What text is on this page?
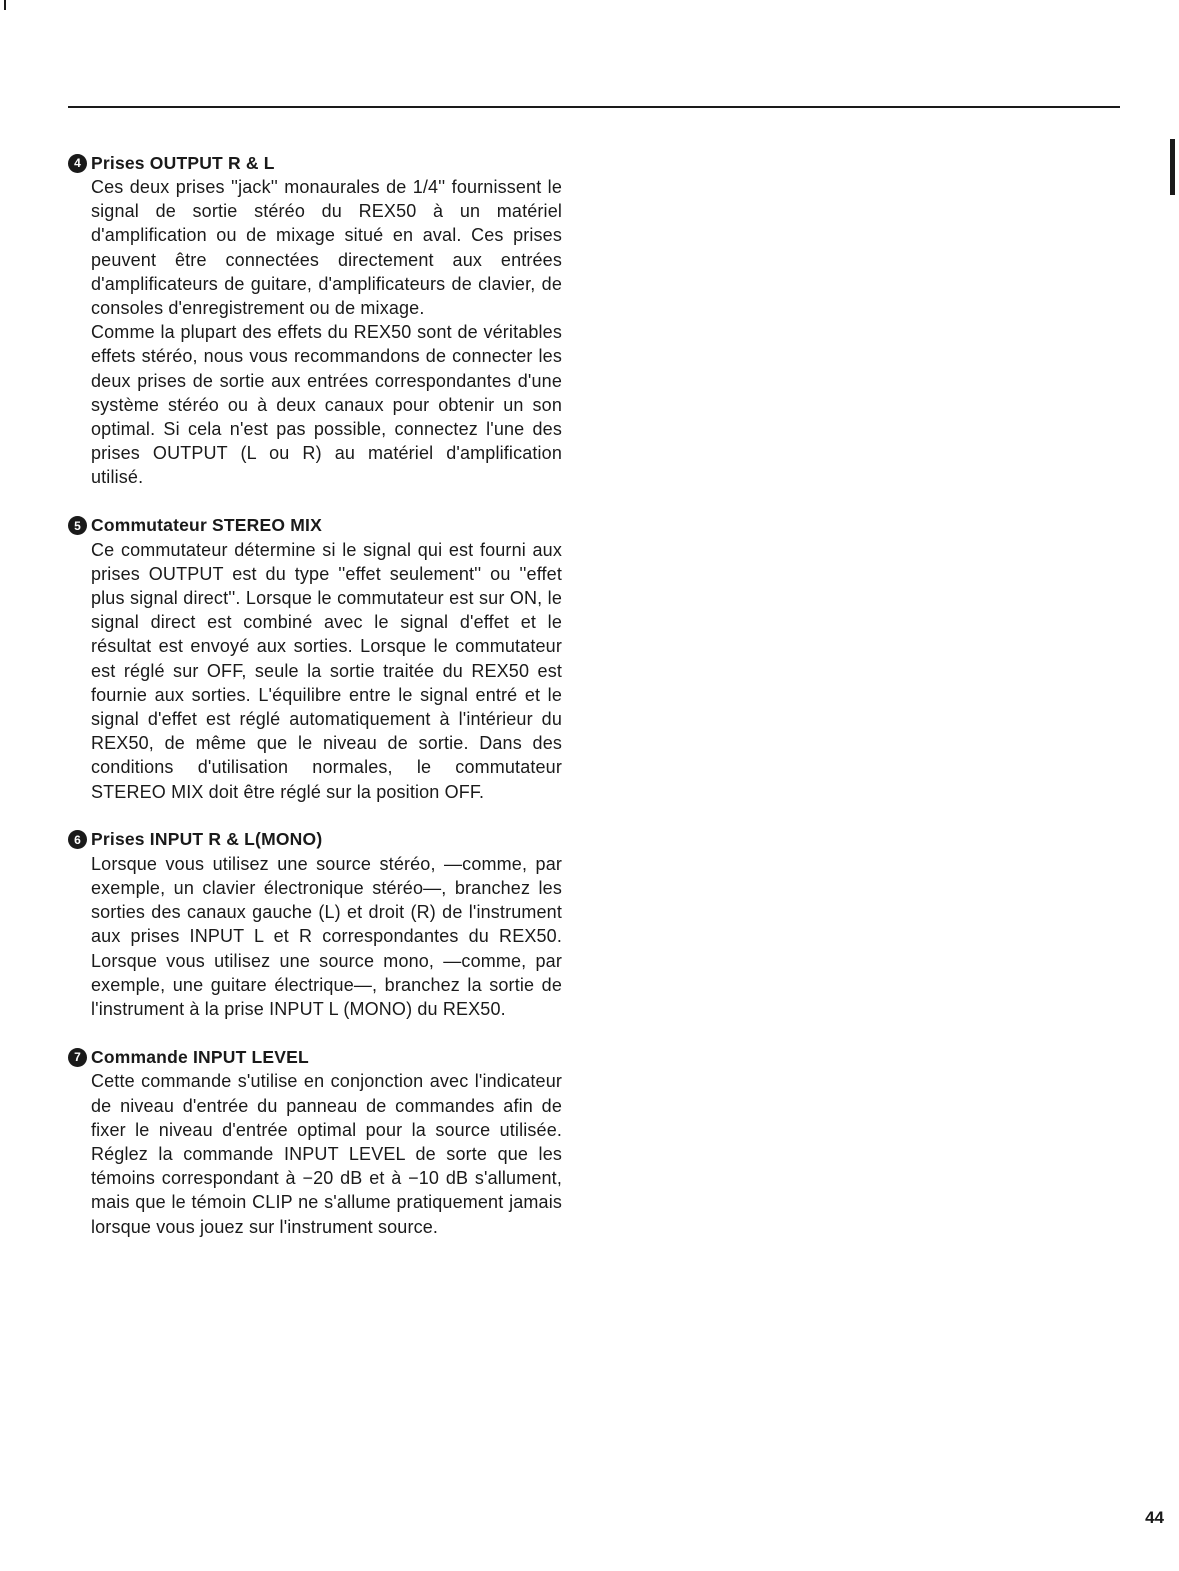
4 Prises OUTPUT R & L

Ces deux prises ''jack'' monaurales de 1/4'' fournissent le signal de sortie stéréo du REX50 à un matériel d'amplification ou de mixage situé en aval. Ces prises peuvent être connectées directement aux entrées d'amplificateurs de guitare, d'amplificateurs de clavier, de consoles d'enregistrement ou de mixage.

Comme la plupart des effets du REX50 sont de véritables effets stéréo, nous vous recommandons de connecter les deux prises de sortie aux entrées correspondantes d'une système stéréo ou à deux canaux pour obtenir un son optimal. Si cela n'est pas possible, connectez l'une des prises OUTPUT (L ou R) au matériel d'amplification utilisé.

5 Commutateur STEREO MIX

Ce commutateur détermine si le signal qui est fourni aux prises OUTPUT est du type ''effet seulement'' ou ''effet plus signal direct''. Lorsque le commutateur est sur ON, le signal direct est combiné avec le signal d'effet et le résultat est envoyé aux sorties. Lorsque le commutateur est réglé sur OFF, seule la sortie traitée du REX50 est fournie aux sorties. L'équilibre entre le signal entré et le signal d'effet est réglé automatiquement à l'intérieur du REX50, de même que le niveau de sortie. Dans des conditions d'utilisation normales, le commutateur STEREO MIX doit être réglé sur la position OFF.

6 Prises INPUT R & L(MONO)

Lorsque vous utilisez une source stéréo, —comme, par exemple, un clavier électronique stéréo—, branchez les sorties des canaux gauche (L) et droit (R) de l'instrument aux prises INPUT L et R correspondantes du REX50. Lorsque vous utilisez une source mono, —comme, par exemple, une guitare électrique—, branchez la sortie de l'instrument à la prise INPUT L (MONO) du REX50.

7 Commande INPUT LEVEL

Cette commande s'utilise en conjonction avec l'indicateur de niveau d'entrée du panneau de commandes afin de fixer le niveau d'entrée optimal pour la source utilisée. Réglez la commande INPUT LEVEL de sorte que les témoins correspondant à −20 dB et à −10 dB s'allument, mais que le témoin CLIP ne s'allume pratiquement jamais lorsque vous jouez sur l'instrument source.

44
